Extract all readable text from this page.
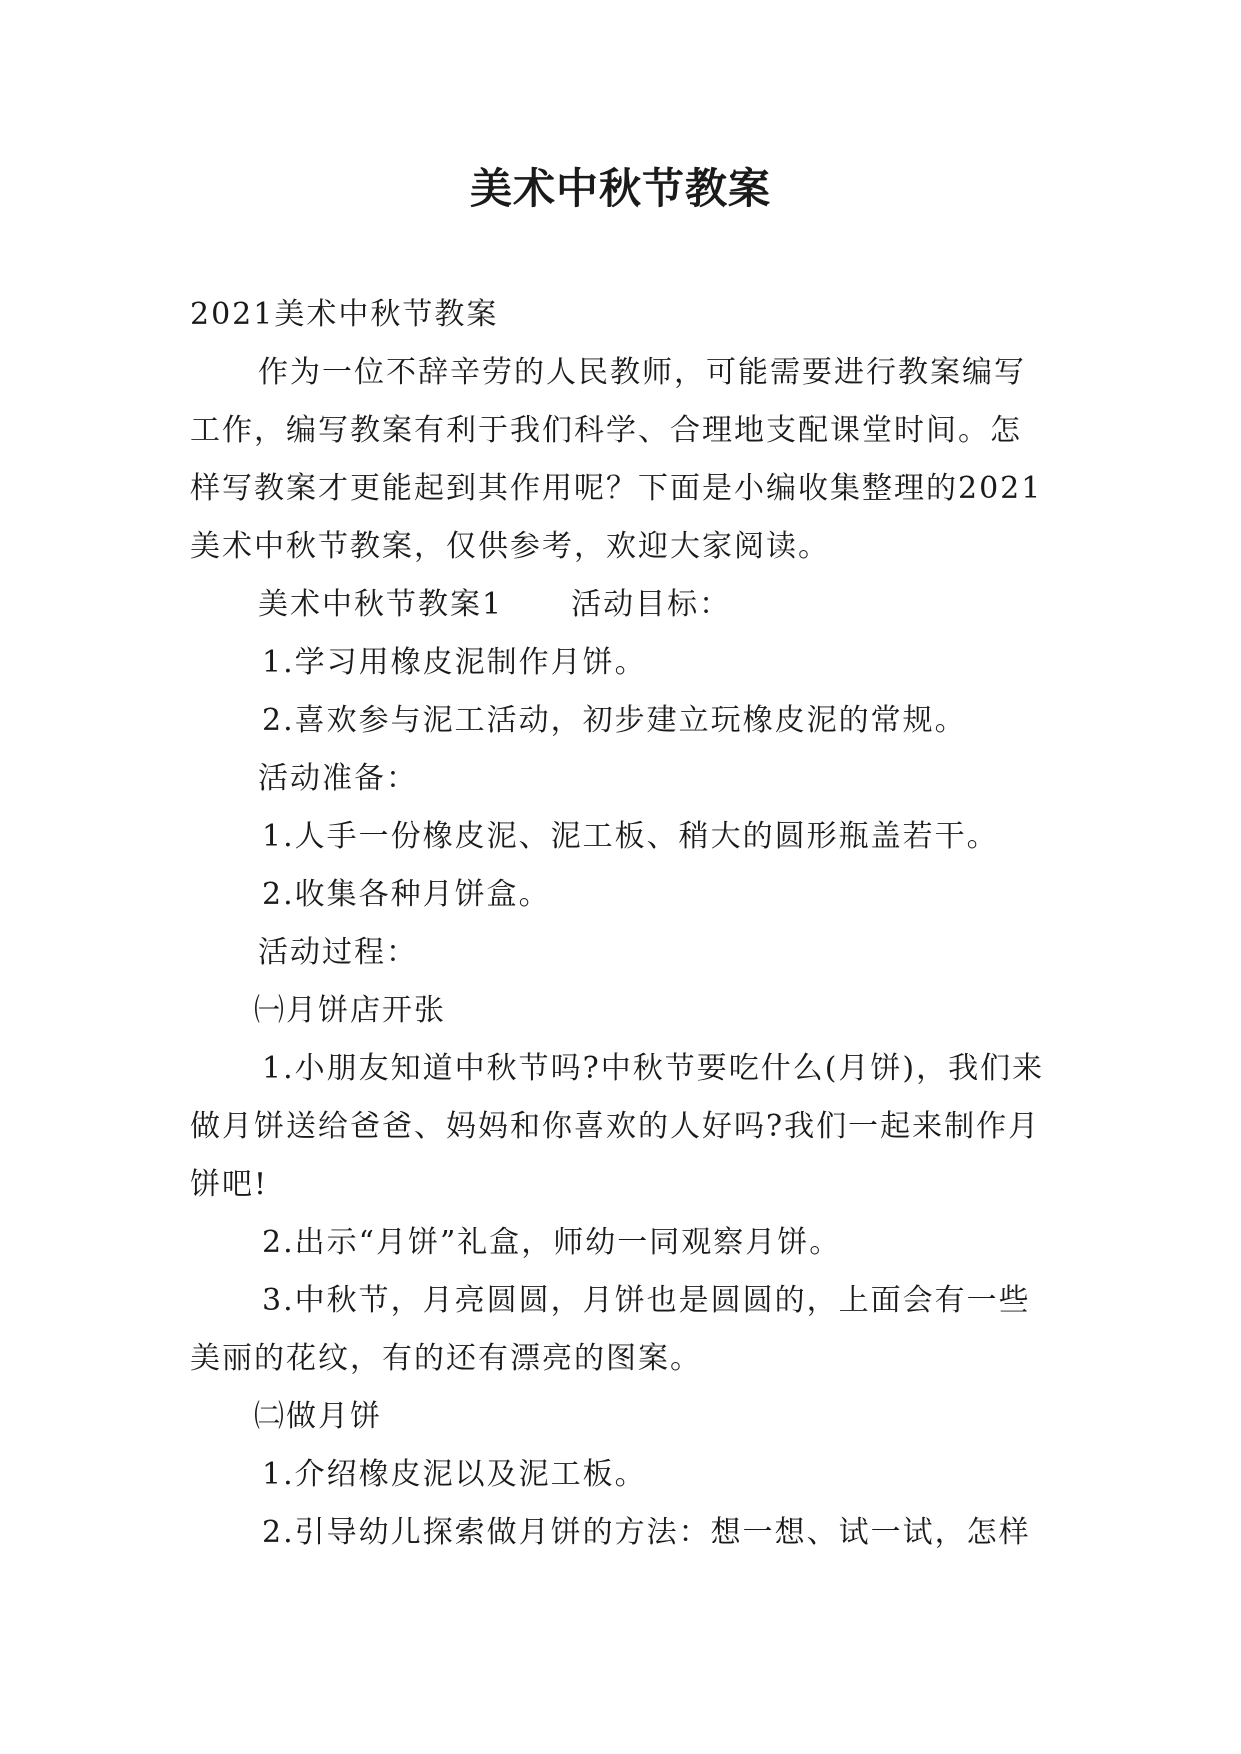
美术中秋节教案

2021美术中秋节教案

作为一位不辞辛劳的人民教师，可能需要进行教案编写工作，编写教案有利于我们科学、合理地支配课堂时间。怎样写教案才更能起到其作用呢？下面是小编收集整理的2021美术中秋节教案，仅供参考，欢迎大家阅读。

美术中秋节教案1 活动目标：

1.学习用橡皮泥制作月饼。

2.喜欢参与泥工活动，初步建立玩橡皮泥的常规。

活动准备：

1.人手一份橡皮泥、泥工板、稍大的圆形瓶盖若干。

2.收集各种月饼盒。

活动过程：

㈠月饼店开张

1.小朋友知道中秋节吗?中秋节要吃什么(月饼)，我们来做月饼送给爸爸、妈妈和你喜欢的人好吗?我们一起来制作月饼吧!

2.出示“月饼”礼盒，师幼一同观察月饼。

3.中秋节，月亮圆圆，月饼也是圆圆的，上面会有一些美丽的花纹，有的还有漂亮的图案。

㈡做月饼

1.介绍橡皮泥以及泥工板。

2.引导幼儿探索做月饼的方法：想一想、试一试，怎样
